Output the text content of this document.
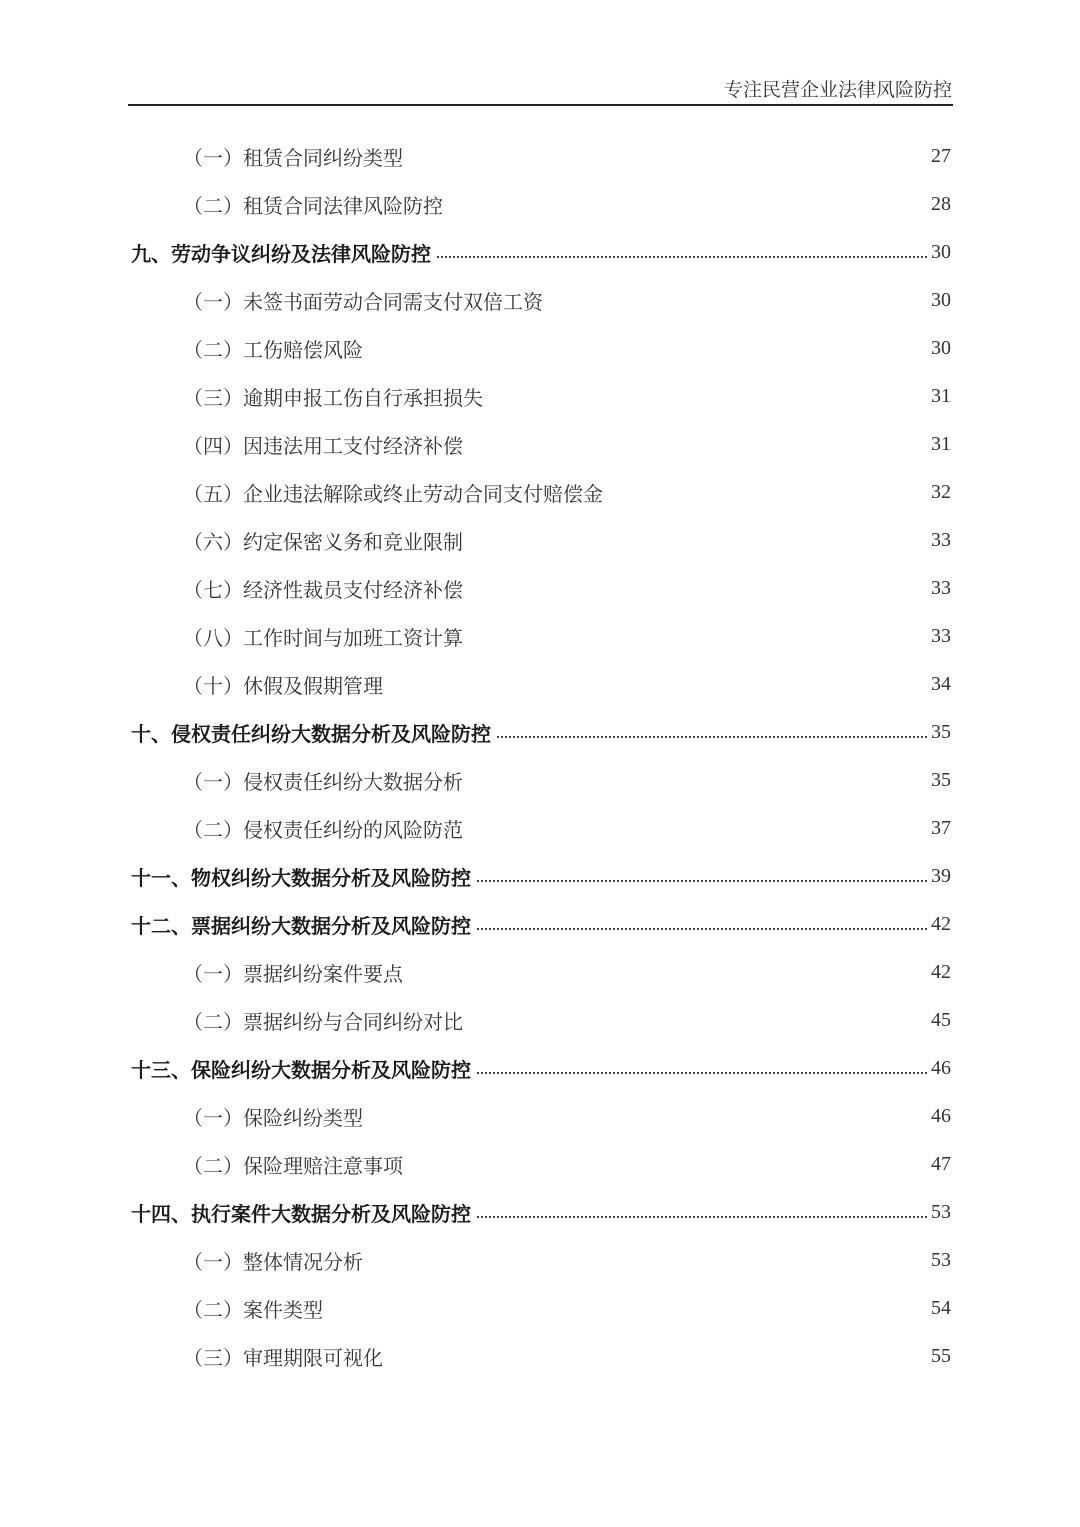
专注民营企业法律风险防控
（一）租赁合同纠纷类型	27
（二）租赁合同法律风险防控	28
九、劳动争议纠纷及法律风险防控	30
（一）未签书面劳动合同需支付双倍工资	30
（二）工伤赔偿风险	30
（三）逾期申报工伤自行承担损失	31
（四）因违法用工支付经济补偿	31
（五）企业违法解除或终止劳动合同支付赔偿金	32
（六）约定保密义务和竞业限制	33
（七）经济性裁员支付经济补偿	33
（八）工作时间与加班工资计算	33
（十）休假及假期管理	34
十、侵权责任纠纷大数据分析及风险防控	35
（一）侵权责任纠纷大数据分析	35
（二）侵权责任纠纷的风险防范	37
十一、物权纠纷大数据分析及风险防控	39
十二、票据纠纷大数据分析及风险防控	42
（一）票据纠纷案件要点	42
（二）票据纠纷与合同纠纷对比	45
十三、保险纠纷大数据分析及风险防控	46
（一）保险纠纷类型	46
（二）保险理赔注意事项	47
十四、执行案件大数据分析及风险防控	53
（一）整体情况分析	53
（二）案件类型	54
（三）审理期限可视化	55
